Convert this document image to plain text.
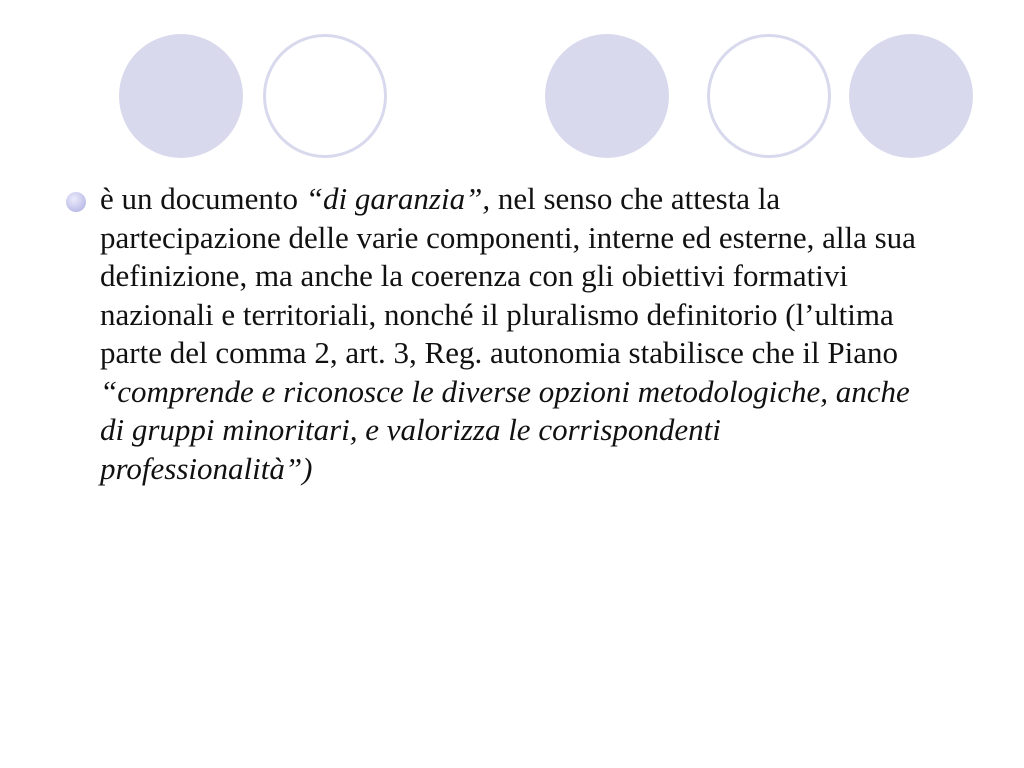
è un documento “di garanzia”, nel senso che attesta la partecipazione delle varie componenti, interne ed esterne, alla sua definizione, ma anche la coerenza con gli obiettivi formativi nazionali e territoriali, nonché il pluralismo definitorio (l’ultima parte del comma 2, art. 3, Reg. autonomia stabilisce che il Piano “comprende e riconosce le diverse opzioni metodologiche, anche di gruppi minoritari, e valorizza le corrispondenti professionalità”)
